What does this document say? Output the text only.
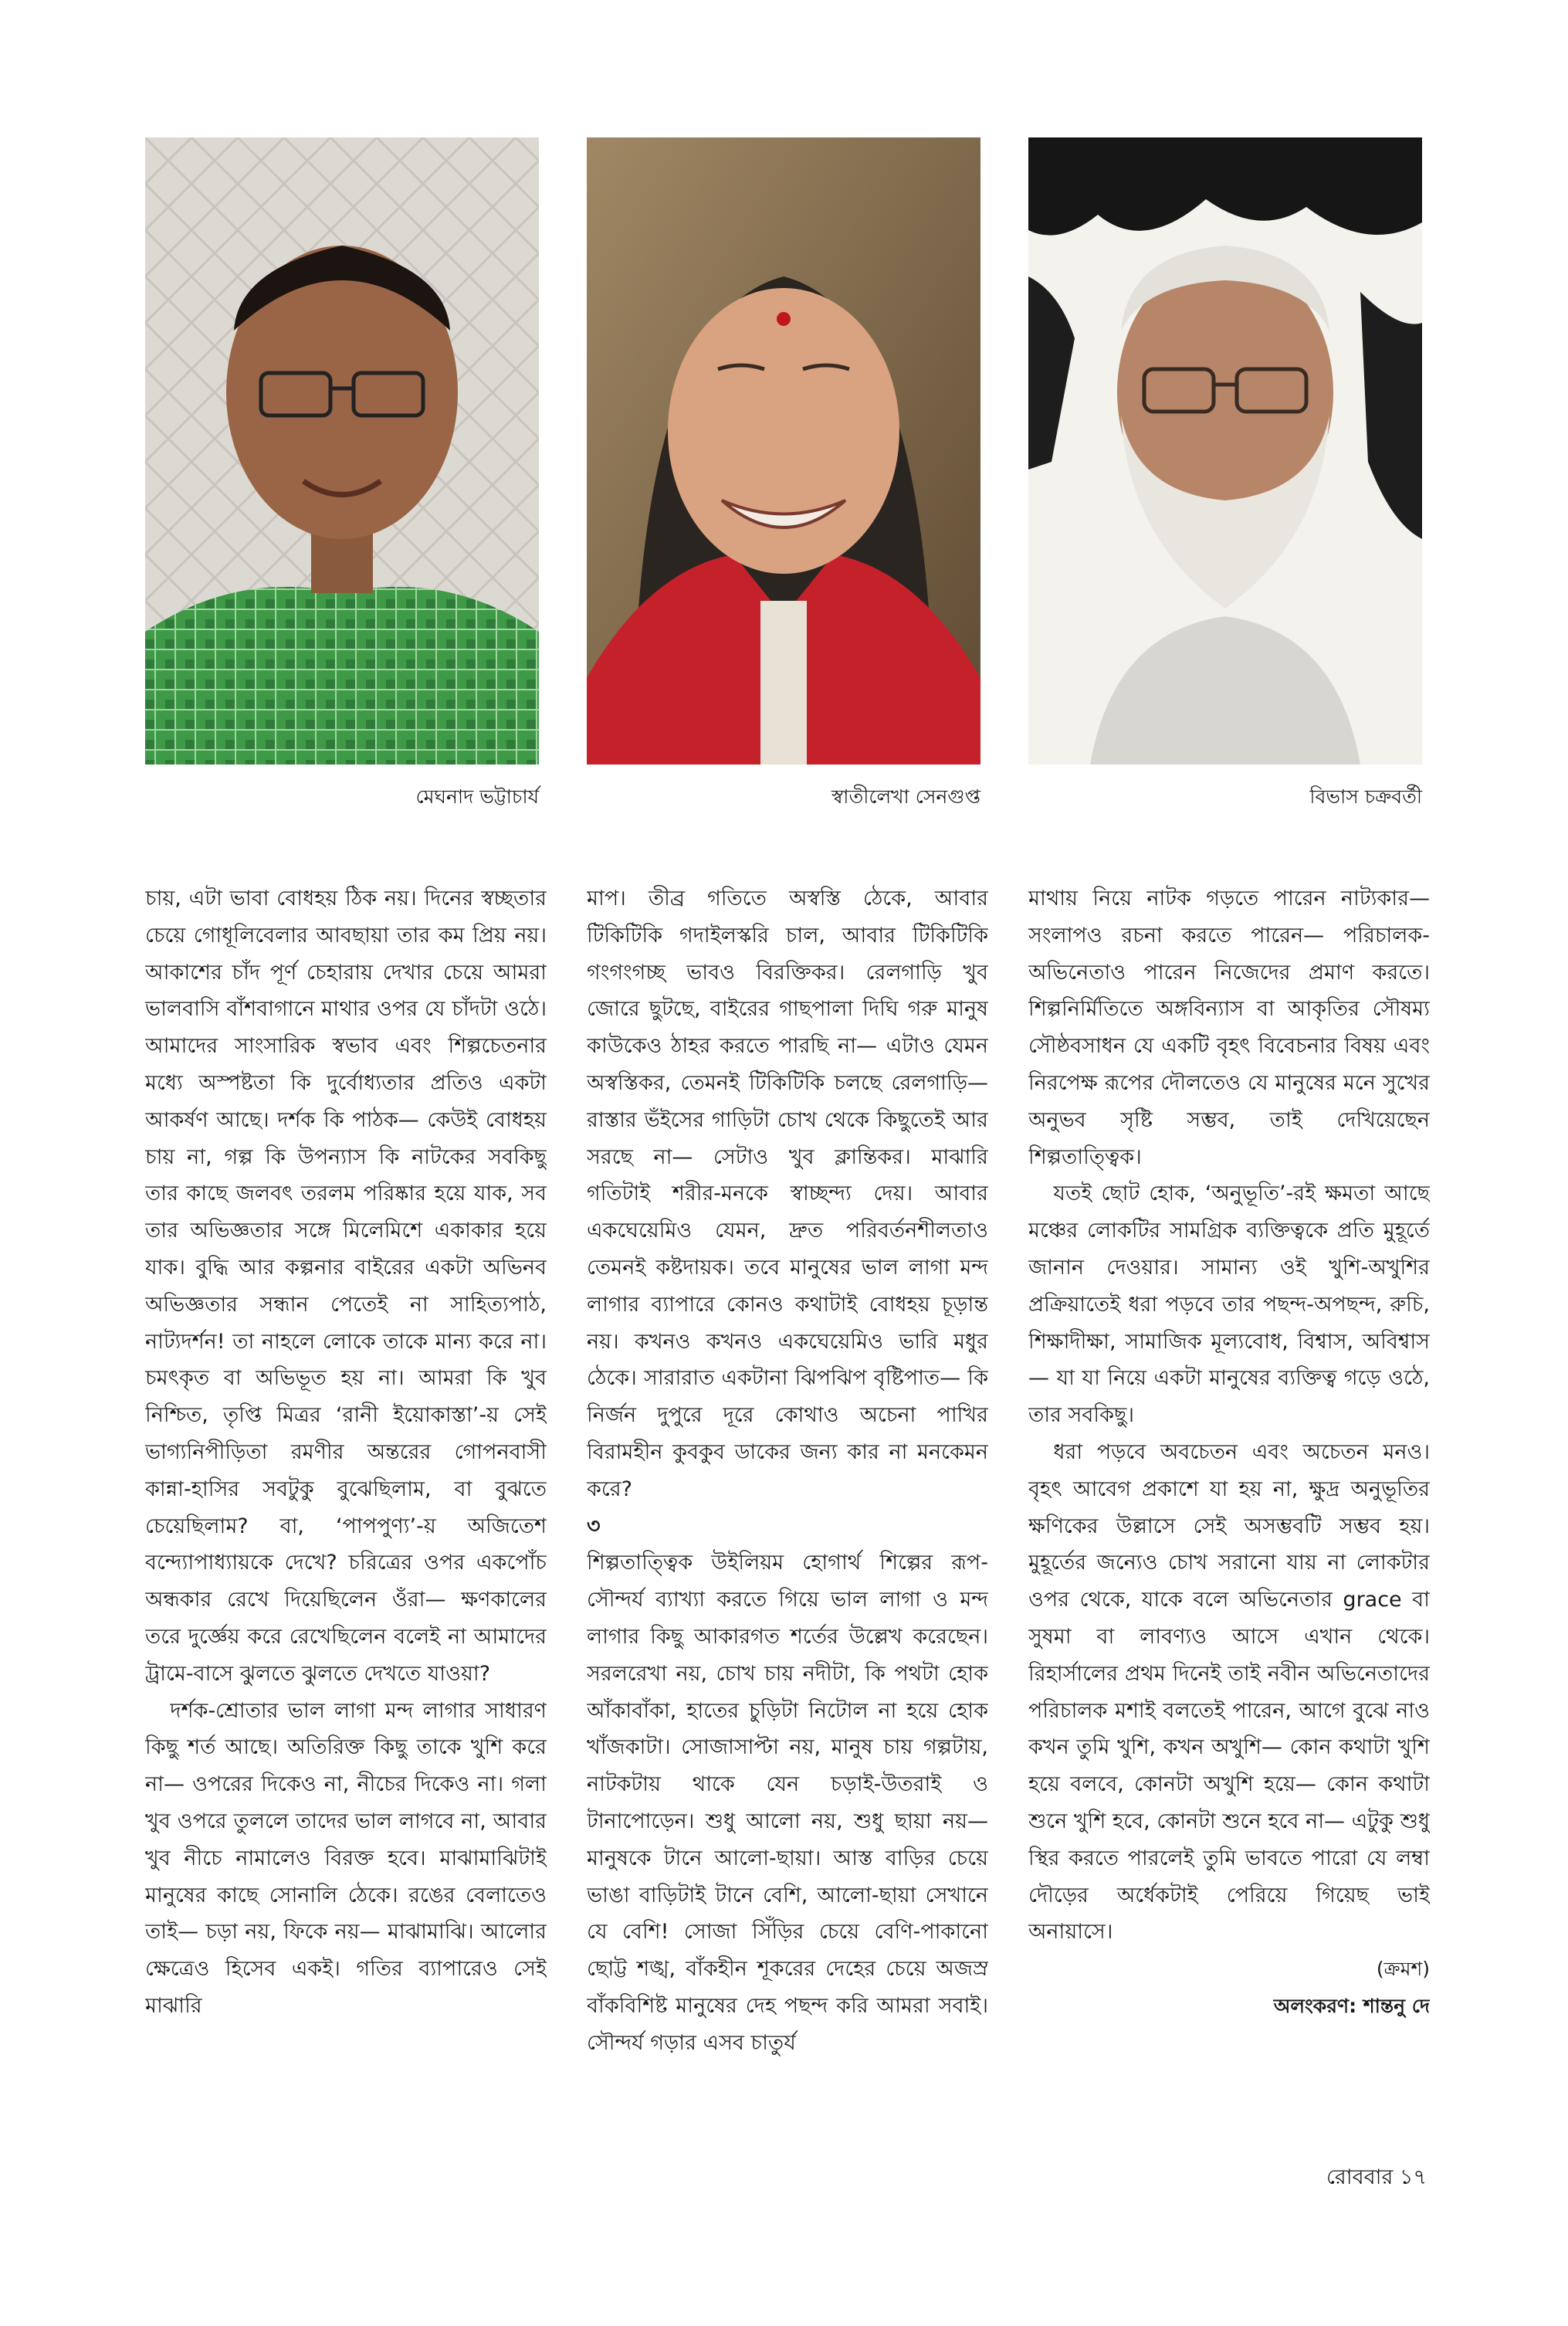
মেঘনাদ ভট্টাচার্য	স্বাতীলেখা সেনগুপ্ত	বিভাস চক্রবর্তী

চায়, এটা ভাবা বোধহয় ঠিক নয়। দিনের স্বচ্ছতার চেয়ে গোধূলিবেলার আবছায়া তার কম প্রিয় নয়। আকাশের চাঁদ পূর্ণ চেহারায় দেখার চেয়ে আমরা ভালবাসি বাঁশবাগানে মাথার ওপর যে চাঁদটা ওঠে। আমাদের সাংসারিক স্বভাব এবং শিল্পচেতনার মধ্যে অস্পষ্টতা কি দুর্বোধ্যতার প্রতিও একটা আকর্ষণ আছে। দর্শক কি পাঠক— কেউই বোধহয় চায় না, গল্প কি উপন্যাস কি নাটকের সবকিছু তার কাছে জলবৎ তরলম পরিষ্কার হয়ে যাক, সব তার অভিজ্ঞতার সঙ্গে মিলেমিশে একাকার হয়ে যাক। বুদ্ধি আর কল্পনার বাইরের একটা অভিনব অভিজ্ঞতার সন্ধান পেতেই না সাহিত্যপাঠ, নাট্যদর্শন! তা নাহলে লোকে তাকে মান্য করে না। চমৎকৃত বা অভিভূত হয় না। আমরা কি খুব নিশ্চিত, তৃপ্তি মিত্রর ‘রানী ইয়োকাস্তা’-য় সেই ভাগ্যনিপীড়িতা রমণীর অন্তরের গোপনবাসী কান্না-হাসির সবটুকু বুঝেছিলাম, বা বুঝতে চেয়েছিলাম? বা, ‘পাপপুণ্য’-য় অজিতেশ বন্দ্যোপাধ্যায়কে দেখে? চরিত্রের ওপর একপোঁচ অন্ধকার রেখে দিয়েছিলেন ওঁরা— ক্ষণকালের তরে দুর্জ্ঞেয় করে রেখেছিলেন বলেই না আমাদের ট্রামে-বাসে ঝুলতে ঝুলতে দেখতে যাওয়া?

দর্শক-শ্রোতার ভাল লাগা মন্দ লাগার সাধারণ কিছু শর্ত আছে। অতিরিক্ত কিছু তাকে খুশি করে না— ওপরের দিকেও না, নীচের দিকেও না। গলা খুব ওপরে তুললে তাদের ভাল লাগবে না, আবার খুব নীচে নামালেও বিরক্ত হবে। মাঝামাঝিটাই মানুষের কাছে সোনালি ঠেকে। রঙের বেলাতেও তাই— চড়া নয়, ফিকে নয়— মাঝামাঝি। আলোর ক্ষেত্রেও হিসেব একই। গতির ব্যাপারেও সেই মাঝারি

মাপ। তীব্র গতিতে অস্বস্তি ঠেকে, আবার টিকিটিকি গদাইলস্করি চাল, আবার টিকিটিকি গংগংগচ্ছ ভাবও বিরক্তিকর। রেলগাড়ি খুব জোরে ছুটছে, বাইরের গাছপালা দিঘি গরু মানুষ কাউকেও ঠাহর করতে পারছি না— এটাও যেমন অস্বস্তিকর, তেমনই টিকিটিকি চলছে রেলগাড়ি— রাস্তার ভঁইসের গাড়িটা চোখ থেকে কিছুতেই আর সরছে না— সেটাও খুব ক্লান্তিকর। মাঝারি গতিটাই শরীর-মনকে স্বাচ্ছন্দ্য দেয়। আবার একঘেয়েমিও যেমন, দ্রুত পরিবর্তনশীলতাও তেমনই কষ্টদায়ক। তবে মানুষের ভাল লাগা মন্দ লাগার ব্যাপারে কোনও কথাটাই বোধহয় চূড়ান্ত নয়। কখনও কখনও একঘেয়েমিও ভারি মধুর ঠেকে। সারারাত একটানা ঝিপঝিপ বৃষ্টিপাত— কি নির্জন দুপুরে দূরে কোথাও অচেনা পাখির বিরামহীন কুবকুব ডাকের জন্য কার না মনকেমন করে?

৩

শিল্পতাত্ত্বিক উইলিয়ম হোগার্থ শিল্পের রূপ-সৌন্দর্য ব্যাখ্যা করতে গিয়ে ভাল লাগা ও মন্দ লাগার কিছু আকারগত শর্তের উল্লেখ করেছেন। সরলরেখা নয়, চোখ চায় নদীটা, কি পথটা হোক আঁকাবাঁকা, হাতের চুড়িটা নিটোল না হয়ে হোক খাঁজকাটা। সোজাসাপ্টা নয়, মানুষ চায় গল্পটায়, নাটকটায় থাকে যেন চড়াই-উতরাই ও টানাপোড়েন। শুধু আলো নয়, শুধু ছায়া নয়— মানুষকে টানে আলো-ছায়া। আস্ত বাড়ির চেয়ে ভাঙা বাড়িটাই টানে বেশি, আলো-ছায়া সেখানে যে বেশি! সোজা সিঁড়ির চেয়ে বেণি-পাকানো ছোট্ট শঙ্খ, বাঁকহীন শূকরের দেহের চেয়ে অজস্র বাঁকবিশিষ্ট মানুষের দেহ পছন্দ করি আমরা সবাই। সৌন্দর্য গড়ার এসব চাতুর্য

মাথায় নিয়ে নাটক গড়তে পারেন নাট্যকার— সংলাপও রচনা করতে পারেন— পরিচালক-অভিনেতাও পারেন নিজেদের প্রমাণ করতে। শিল্পনির্মিতিতে অঙ্গবিন্যাস বা আকৃতির সৌষম্য সৌষ্ঠবসাধন যে একটি বৃহৎ বিবেচনার বিষয় এবং নিরপেক্ষ রূপের দৌলতেও যে মানুষের মনে সুখের অনুভব সৃষ্টি সম্ভব, তাই দেখিয়েছেন শিল্পতাত্ত্বিক।

যতই ছোট হোক, ‘অনুভূতি’-রই ক্ষমতা আছে মঞ্চের লোকটির সামগ্রিক ব্যক্তিত্বকে প্রতি মুহূর্তে জানান দেওয়ার। সামান্য ওই খুশি-অখুশির প্রক্রিয়াতেই ধরা পড়বে তার পছন্দ-অপছন্দ, রুচি, শিক্ষাদীক্ষা, সামাজিক মূল্যবোধ, বিশ্বাস, অবিশ্বাস— যা যা নিয়ে একটা মানুষের ব্যক্তিত্ব গড়ে ওঠে, তার সবকিছু।

ধরা পড়বে অবচেতন এবং অচেতন মনও। বৃহৎ আবেগ প্রকাশে যা হয় না, ক্ষুদ্র অনুভূতির ক্ষণিকের উল্লাসে সেই অসম্ভবটি সম্ভব হয়। মুহূর্তের জন্যেও চোখ সরানো যায় না লোকটার ওপর থেকে, যাকে বলে অভিনেতার grace বা সুষমা বা লাবণ্যও আসে এখান থেকে। রিহার্সালের প্রথম দিনেই তাই নবীন অভিনেতাদের পরিচালক মশাই বলতেই পারেন, আগে বুঝে নাও কখন তুমি খুশি, কখন অখুশি— কোন কথাটা খুশি হয়ে বলবে, কোনটা অখুশি হয়ে— কোন কথাটা শুনে খুশি হবে, কোনটা শুনে হবে না— এটুকু শুধু স্থির করতে পারলেই তুমি ভাবতে পারো যে লম্বা দৌড়ের অর্ধেকটাই পেরিয়ে গিয়েছ ভাই অনায়াসে।

(ক্রমশ)

অলংকরণ: শান্তনু দে

রোববার ১৭
